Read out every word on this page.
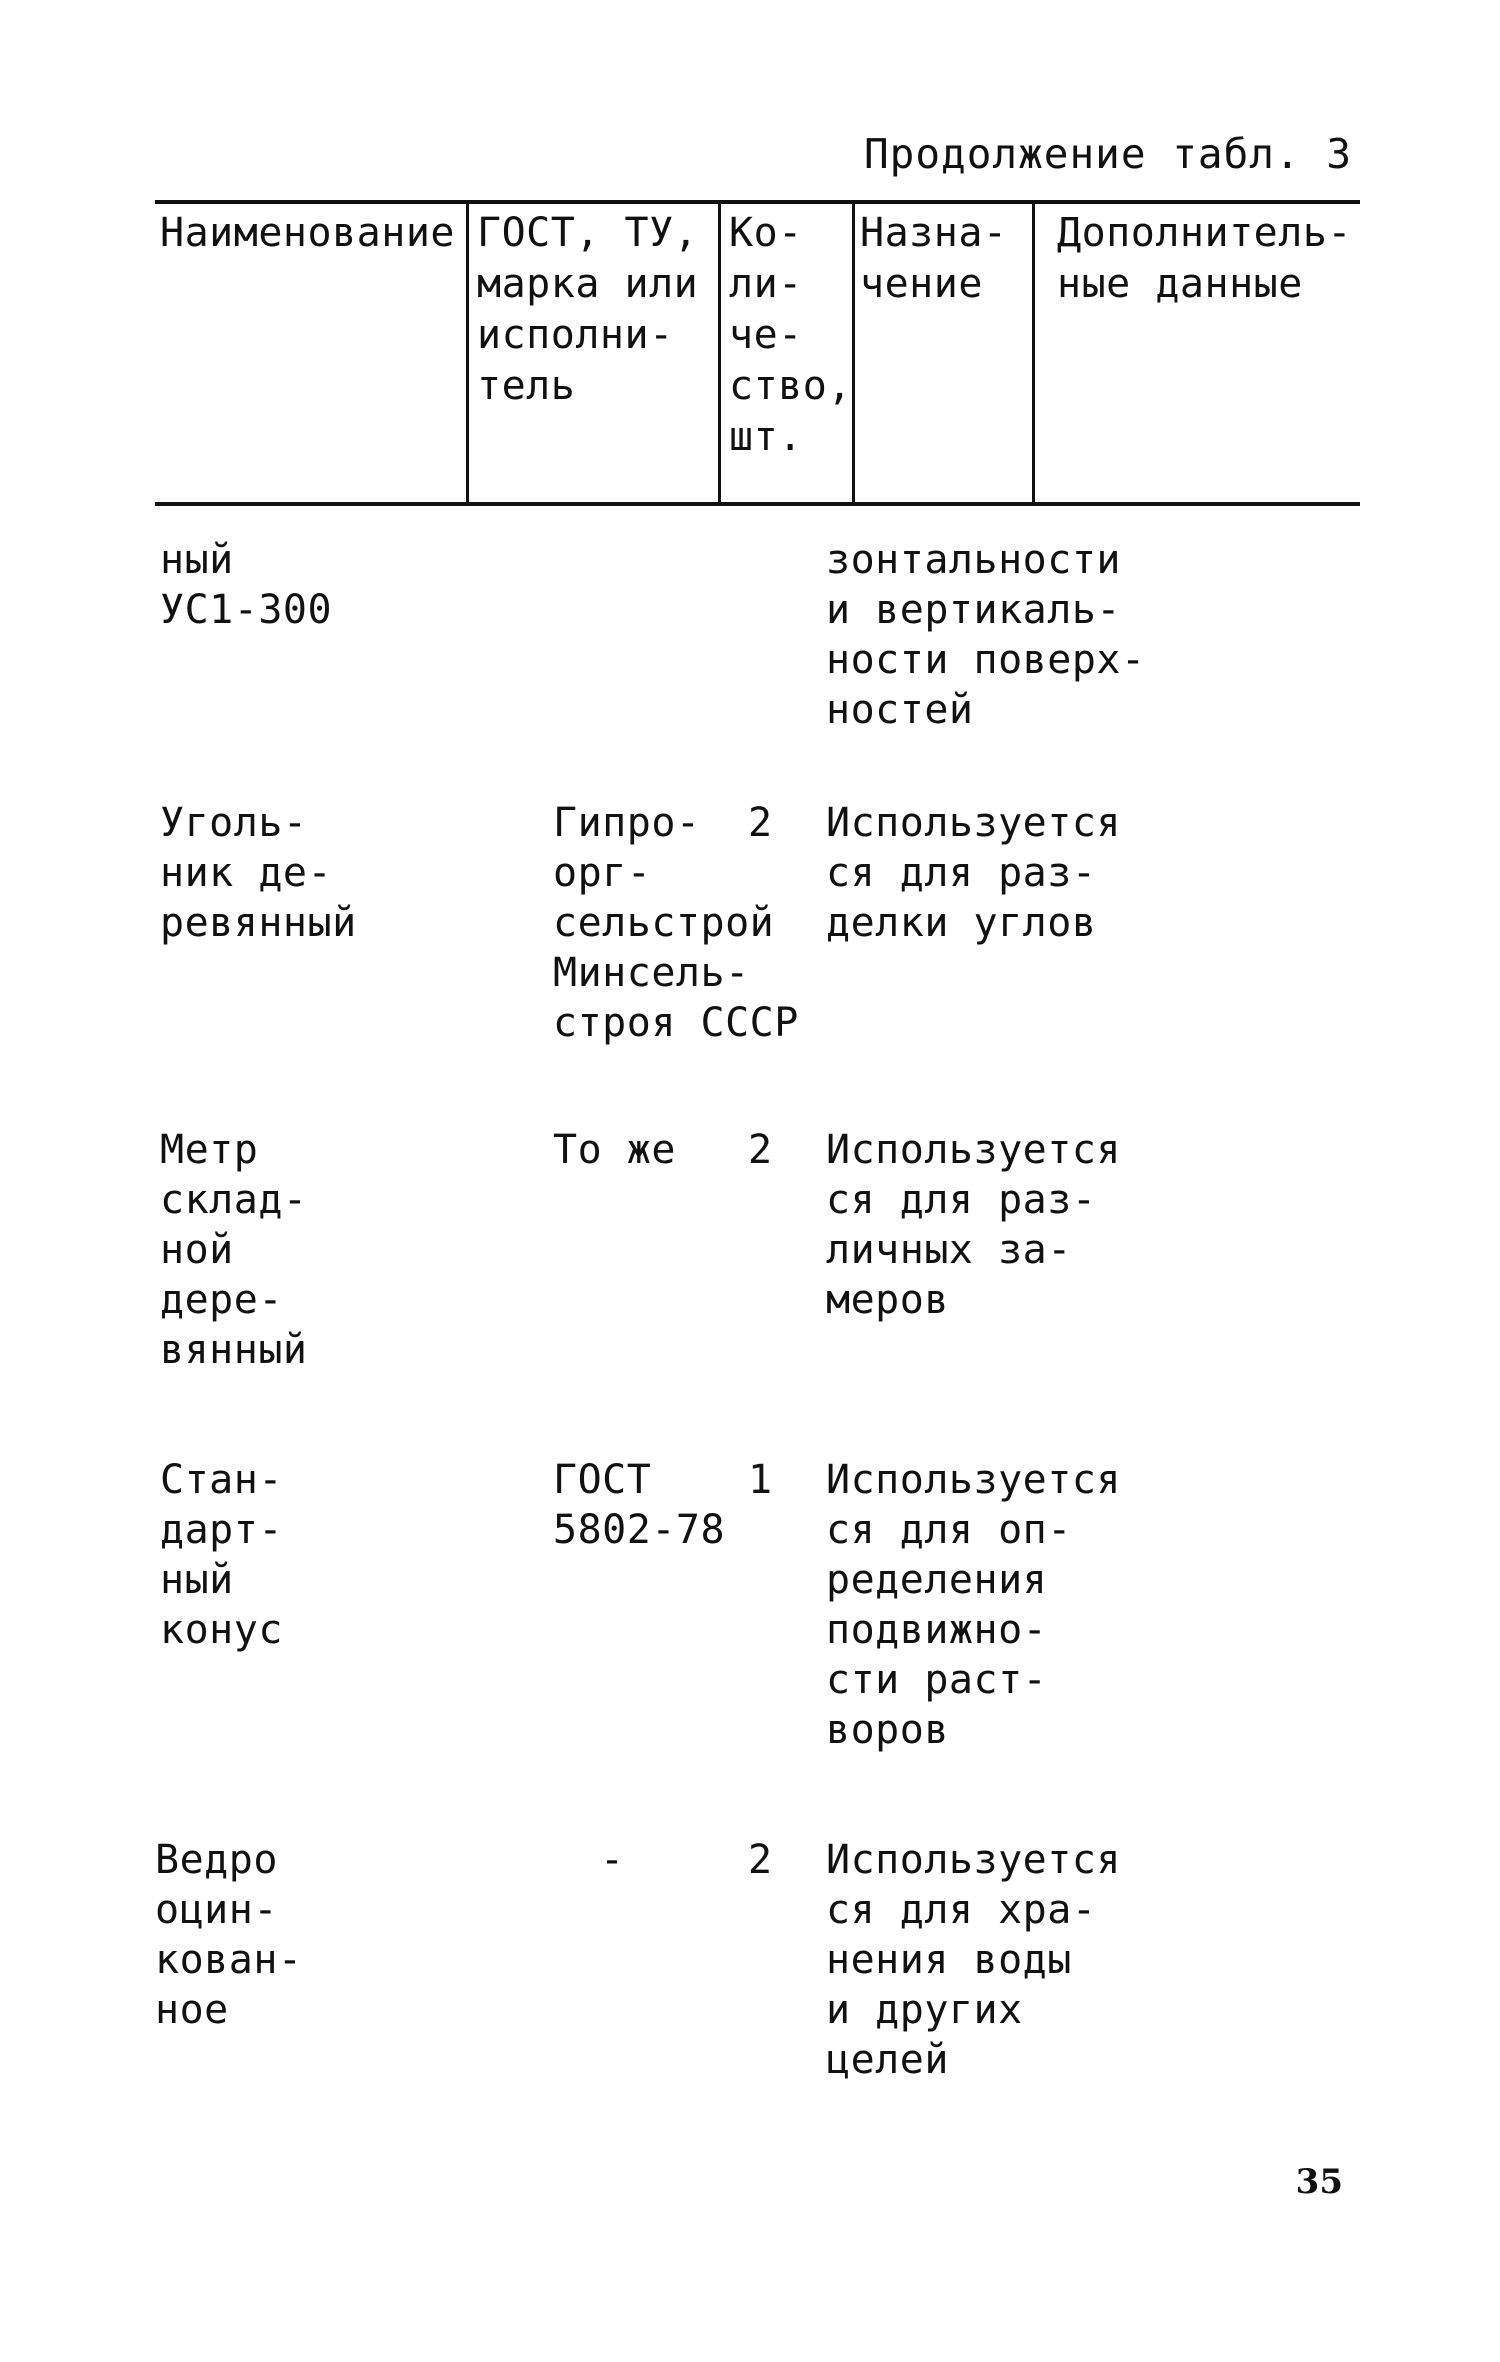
Продолжение табл. 3
Наименование ГОСТ, ТУ,
марка или
исполни-
тель
Ко-
ли-
че-
ство,
шт.
Назна-
чение
Дополнитель-
ные данные
ный
УС1-300
зонтальности
и вертикаль-
ности поверх-
ностей
Уголь-
ник де-
ревянный
Гипро-
орг-
сельстрой
Минсель-
строя СССР
2 Используется
ся для раз-
делки углов
Метр
склад-
ной
дере-
вянный
То же 2 Используется
ся для раз-
личных за-
меров
Стан-
дарт-
ный
конус
ГОСТ
5802-78
1 Используется
ся для оп-
ределения
подвижно-
сти раст-
воров
Ведро
оцин-
кован-
ное
-	2 Используется
ся для хра-
нения воды
и других
целей
35
